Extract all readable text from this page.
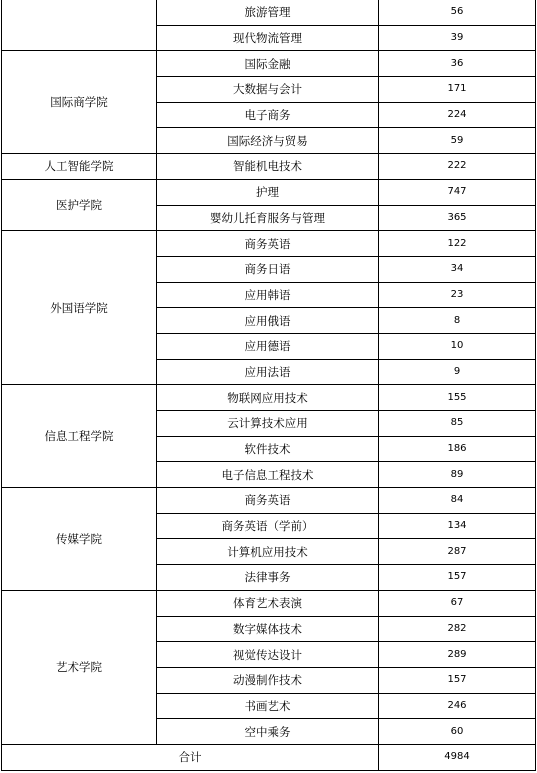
	旅游管理	56
	现代物流管理	39
国际商学院	国际金融	36
	大数据与会计	171
	电子商务	224
	国际经济与贸易	59
人工智能学院	智能机电技术	222
医护学院	护理	747
	婴幼儿托育服务与管理	365
外国语学院	商务英语	122
	商务日语	34
	应用韩语	23
	应用俄语	8
	应用德语	10
	应用法语	9
信息工程学院	物联网应用技术	155
	云计算技术应用	85
	软件技术	186
	电子信息工程技术	89
传媒学院	商务英语	84
	商务英语（学前）	134
	计算机应用技术	287
	法律事务	157
艺术学院	体育艺术表演	67
	数字媒体技术	282
	视觉传达设计	289
	动漫制作技术	157
	书画艺术	246
	空中乘务	60
合计		4984
